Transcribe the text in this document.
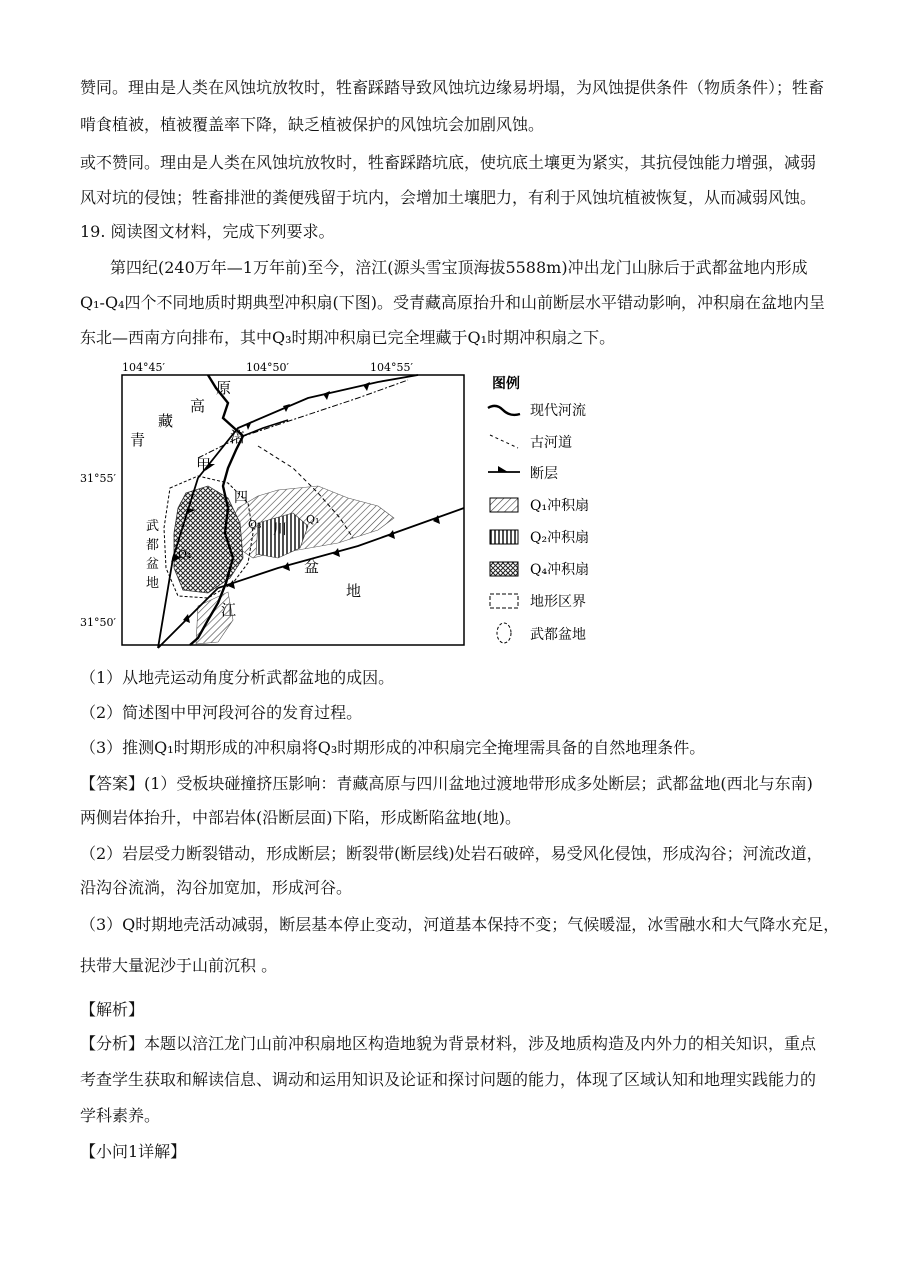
赞同。理由是人类在风蚀坑放牧时，牲畜踩踏导致风蚀坑边缘易坍塌，为风蚀提供条件（物质条件）；牲畜
啃食植被，植被覆盖率下降，缺乏植被保护的风蚀坑会加剧风蚀。
或不赞同。理由是人类在风蚀坑放牧时，牲畜踩踏坑底，使坑底土壤更为紧实，其抗侵蚀能力增强，减弱
风对坑的侵蚀；牲畜排泄的粪便残留于坑内，会增加土壤肥力，有利于风蚀坑植被恢复，从而减弱风蚀。
19. 阅读图文材料，完成下列要求。
第四纪(240万年—1万年前)至今，涪江(源头雪宝顶海拔5588m)冲出龙门山脉后于武都盆地内形成
Q₁-Q₄四个不同地质时期典型冲积扇(下图)。受青藏高原抬升和山前断层水平错动影响，冲积扇在盆地内呈
东北—西南方向排布，其中Q₃时期冲积扇已完全埋藏于Q₁时期冲积扇之下。
104°45′	104°50′	104°55′
31°55′
31°50′
青
藏
高
原
四
川
盆
地
涪
江
甲
武
都
盆
地
Q₁
Q₃
Q₄
图例
现代河流
古河道
断层
Q₁冲积扇
Q₂冲积扇
Q₄冲积扇
地形区界
武都盆地
（1）从地壳运动角度分析武都盆地的成因。
（2）简述图中甲河段河谷的发育过程。
（3）推测Q₁时期形成的冲积扇将Q₃时期形成的冲积扇完全掩埋需具备的自然地理条件。
【答案】(1）受板块碰撞挤压影响：青藏高原与四川盆地过渡地带形成多处断层；武都盆地(西北与东南)
两侧岩体抬升，中部岩体(沿断层面)下陷，形成断陷盆地(地)。
（2）岩层受力断裂错动，形成断层；断裂带(断层线)处岩石破碎，易受风化侵蚀，形成沟谷；河流改道，
沿沟谷流淌，沟谷加宽加，形成河谷。
（3）Q时期地壳活动减弱，断层基本停止变动，河道基本保持不变；气候暖湿，冰雪融水和大气降水充足，
扶带大量泥沙于山前沉积 。
【解析】
【分析】本题以涪江龙门山前冲积扇地区构造地貌为背景材料，涉及地质构造及内外力的相关知识，重点
考查学生获取和解读信息、调动和运用知识及论证和探讨问题的能力，体现了区域认知和地理实践能力的
学科素养。
【小问1详解】
